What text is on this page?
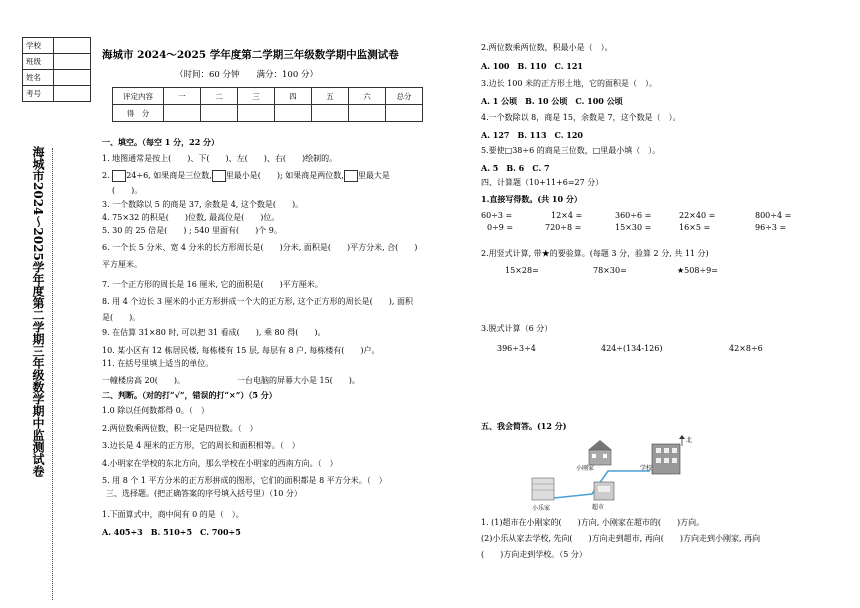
学校	
班级	
姓名	
考号	
海城市2024～2025学年度第二学期三年级数学期中监测试卷
海城市 2024～2025 学年度第二学期三年级数学期中监测试卷
（时间：60 分钟　　满分：100 分）
评定内容	一	二	三	四	五	六	总分
得　分							
一、填空。（每空 1 分，22 分）
1. 地图通常是按上(　　)、下(　　)、左(　　)、右(　　)绘制的。
2. 24÷6, 如果商是三位数, 里最小是(　　); 如果商是两位数, 里最大是
(　　)。
3. 一个数除以 5 的商是 37, 余数是 4, 这个数是(　　)。
4. 75×32 的积是(　　)位数, 最高位是(　　)位。
5. 30 的 25 倍是(　　) ; 540 里面有(　　)个 9。
6. 一个长 5 分米、宽 4 分米的长方形周长是(　　)分米, 面积是(　　)平方分米, 合(　　)
平方厘米。
7. 一个正方形的周长是 16 厘米, 它的面积是(　　)平方厘米。
8. 用 4 个边长 3 厘米的小正方形拼成一个大的正方形, 这个正方形的周长是(　　), 面积
是(　　)。
9. 在估算 31×80 时, 可以把 31 看成(　　), 乘 80 得(　　)。
10. 某小区有 12 栋居民楼, 每栋楼有 15 层, 每层有 8 户, 每栋楼有(　　)户。
11. 在括号里填上适当的单位。
一幢楼房高 20(　　)。　　　　　　　一台电脑的屏幕大小是 15(　　)。
二、判断。（对的打“√”，错误的打“×”）（5 分）
1.0 除以任何数都得 0。（　）
2.两位数乘两位数，积一定是四位数。（　）
3.边长是 4 厘米的正方形，它的周长和面积相等。（　）
4.小明家在学校的东北方向，那么学校在小明家的西南方向。（　）
5. 用 8 个 1 平方分米的正方形拼成的图形，它们的面积都是 8 平方分米。（　）
三、选择题。(把正确答案的序号填入括号里）（10 分）
1.下面算式中，商中间有 0 的是（　）。
A. 405÷3　B. 510÷5　C. 700÷5
2.两位数乘两位数，积最小是（　）。
A. 100　B. 110　C. 121
3.边长 100 米的正方形土地，它的面积是（　）。
A. 1 公顷　B. 10 公顷　C. 100 公顷
4.一个数除以 8，商是 15，余数是 7，这个数是（　）。
A. 127　B. 113　C. 120
5.要使□38÷6 的商是三位数，□里最小填（　）。
A. 5　B. 6　C. 7
四、计算题（10+11+6=27 分）
1.直接写得数。(共 10 分）
60÷3 =	12×4 =	360÷6 =	22×40 =	800÷4 =
0÷9 =	720÷8 =	15×30 =	16×5 =	96÷3 =
2.用竖式计算, 带★的要验算。(每题 3 分，验算 2 分, 共 11 分)
15×28=	78×30=	★508÷9=
3.脱式计算（6 分）
396÷3÷4	424÷(134-126)	42×8÷6
五、我会简答。(12 分)
北
小刚家	学校
超市
小乐家
1. (1)超市在小刚家的(　　)方向, 小刚家在超市的(　　)方向。
(2)小乐从家去学校, 先向(　　)方向走到超市, 再向(　　)方向走到小刚家, 再向
(　　)方向走到学校。（5 分）
